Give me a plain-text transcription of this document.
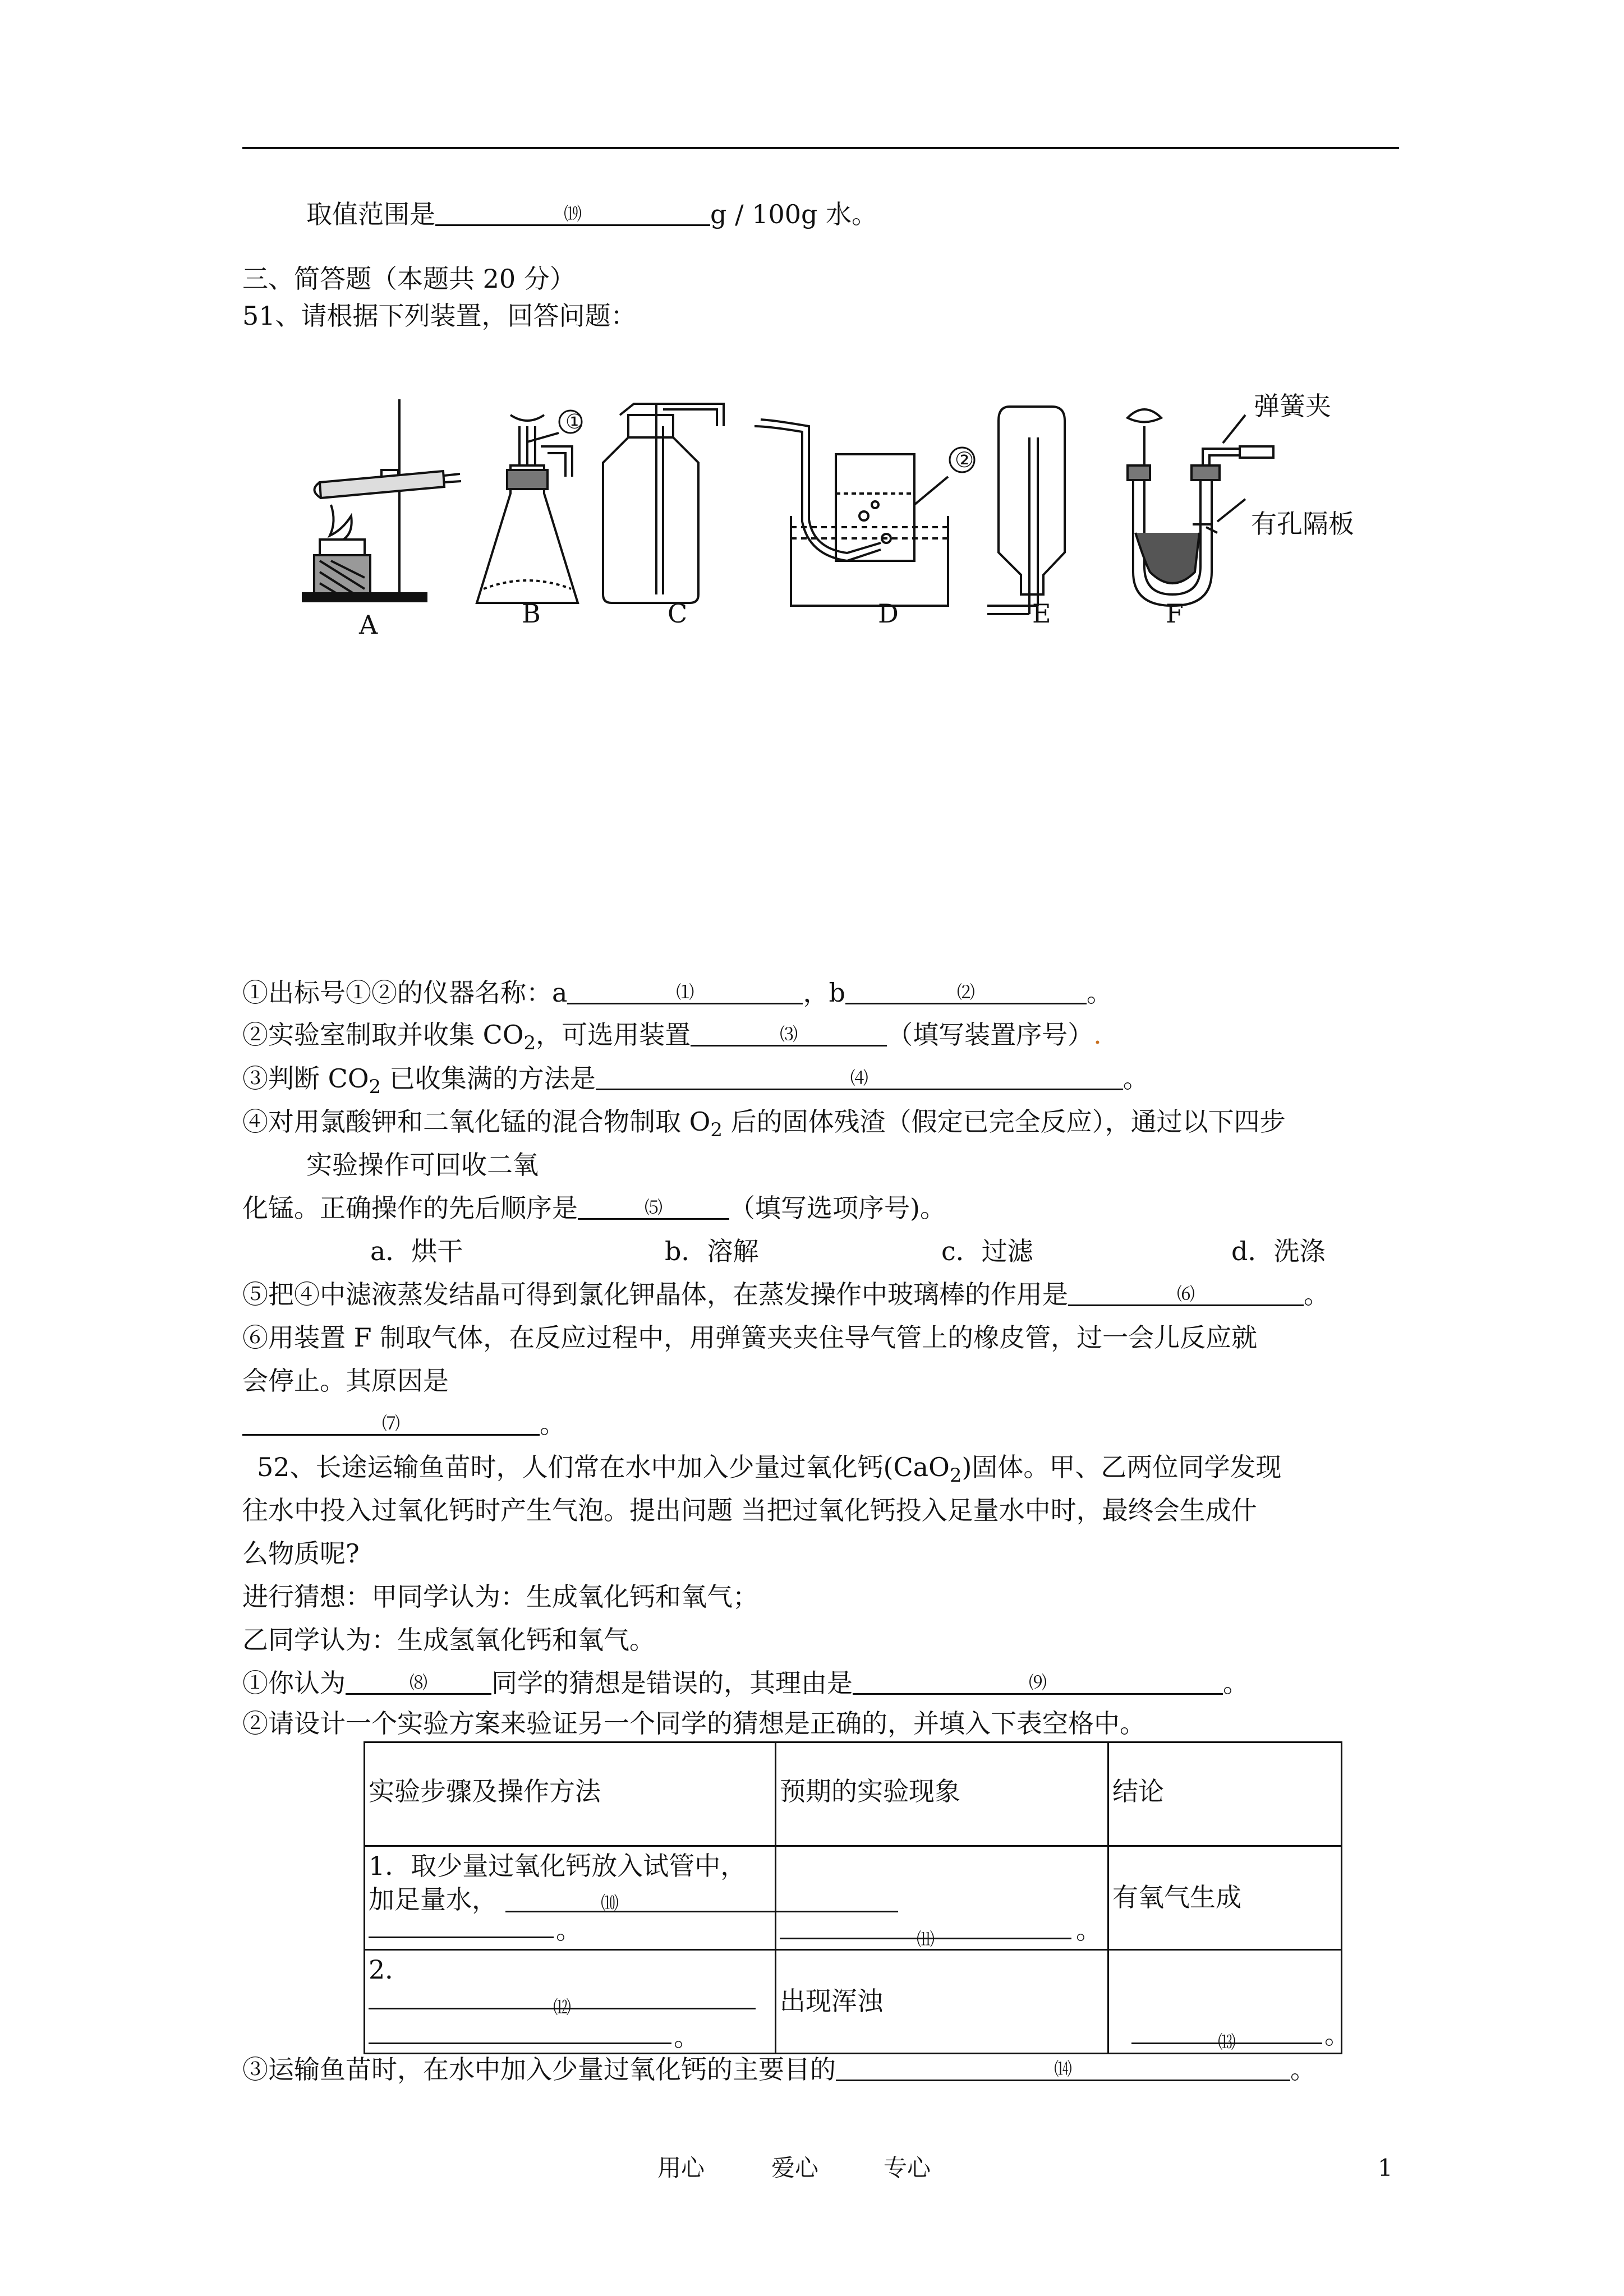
取值范围是	⒆	g / 100g 水。
三、简答题（本题共 20 分）
51、请根据下列装置，回答问题：
①
②
A	B	C	D	E	F
弹簧夹
有孔隔板
①出标号①②的仪器名称：a	⑴	，b	⑵	。
②实验室制取并收集 $CO_2$，可选用装置	⑶	（填写装置序号）.
③判断 $CO_2$ 已收集满的方法是	⑷	。
④对用氯酸钾和二氧化锰的混合物制取 $O_2$ 后的固体残渣（假定已完全反应），通过以下四步
实验操作可回收二氧
化锰。正确操作的先后顺序是	⑸	（填写选项序号)。
a．烘干	b．溶解	c．过滤	d．洗涤
⑤把④中滤液蒸发结晶可得到氯化钾晶体，在蒸发操作中玻璃棒的作用是	⑹	。
⑥用装置 F 制取气体，在反应过程中，用弹簧夹夹住导气管上的橡皮管，过一会儿反应就
会停止。其原因是
⑺	。
52、长途运输鱼苗时，人们常在水中加入少量过氧化钙(CaO$_2$)固体。甲、乙两位同学发现
往水中投入过氧化钙时产生气泡。提出问题 当把过氧化钙投入足量水中时，最终会生成什
么物质呢?
进行猜想：甲同学认为：生成氧化钙和氧气；
乙同学认为：生成氢氧化钙和氧气。
①你认为	⑻ 同学的猜想是错误的，其理由是	⑼	。
②请设计一个实验方案来验证另一个同学的猜想是正确的，并填入下表空格中。
实验步骤及操作方法	预期的实验现象	结论

1．取少量过氧化钙放入试管中，
加足量水， ⑽
。	$_⑾$ 。	有氧气生成

2．
⑿
。	出现浑浊	⒀ 。
③运输鱼苗时，在水中加入少量过氧化钙的主要目的	⒁	。
用心	爱心	专心	1
